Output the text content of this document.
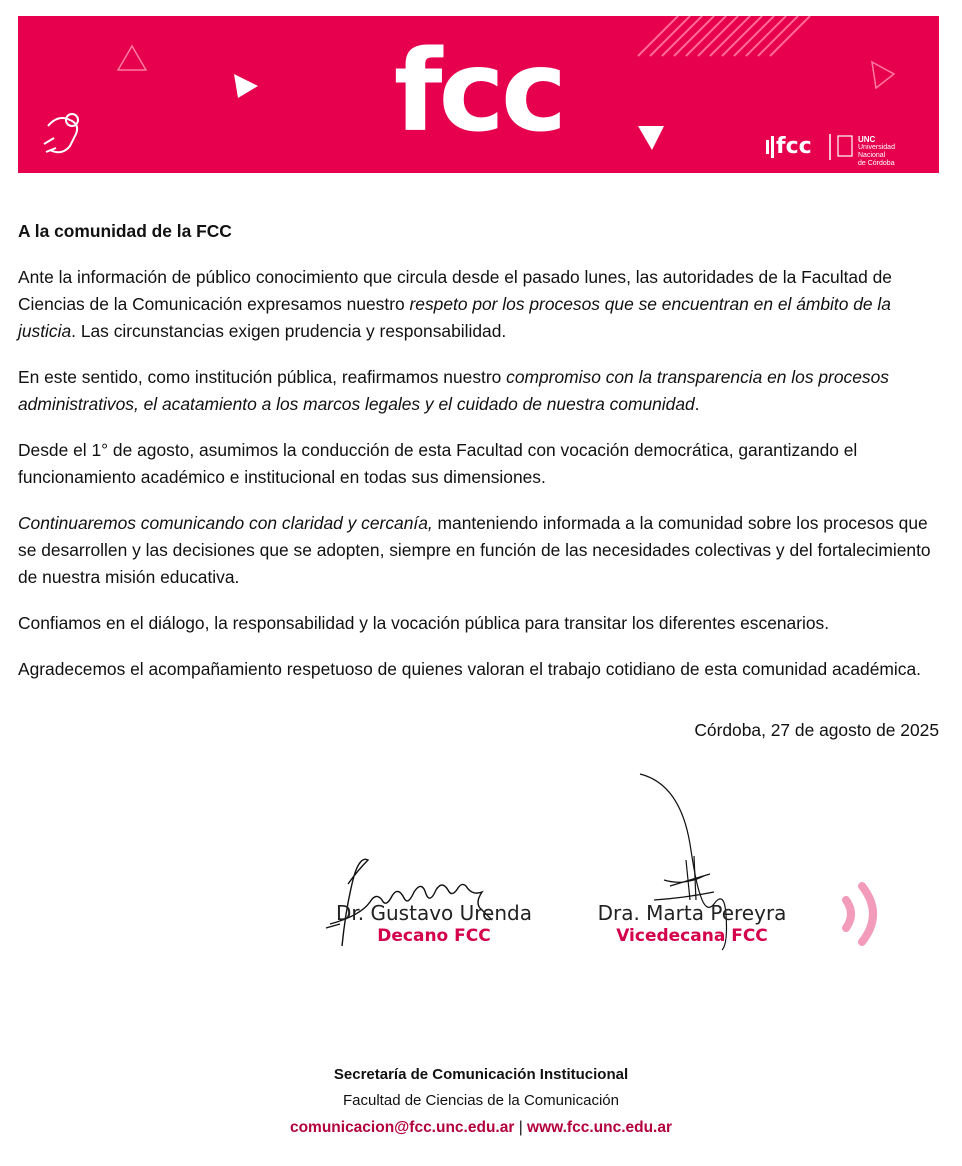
fcc	fcc	UNC
Universidad
Nacional
de Córdoba

A la comunidad de la FCC

Ante la información de público conocimiento que circula desde el pasado lunes, las autoridades de la Facultad de Ciencias de la Comunicación expresamos nuestro respeto por los procesos que se encuentran en el ámbito de la justicia. Las circunstancias exigen prudencia y responsabilidad.

En este sentido, como institución pública, reafirmamos nuestro compromiso con la transparencia en los procesos administrativos, el acatamiento a los marcos legales y el cuidado de nuestra comunidad.

Desde el 1° de agosto, asumimos la conducción de esta Facultad con vocación democrática, garantizando el funcionamiento académico e institucional en todas sus dimensiones.

Continuaremos comunicando con claridad y cercanía, manteniendo informada a la comunidad sobre los procesos que se desarrollen y las decisiones que se adopten, siempre en función de las necesidades colectivas y del fortalecimiento de nuestra misión educativa.

Confiamos en el diálogo, la responsabilidad y la vocación pública para transitar los diferentes escenarios.

Agradecemos el acompañamiento respetuoso de quienes valoran el trabajo cotidiano de esta comunidad académica.

Córdoba, 27 de agosto de 2025
Dr. Gustavo Urenda
Decano FCC
Dra. Marta Pereyra
Vicedecana FCC
Secretaría de Comunicación Institucional
Facultad de Ciencias de la Comunicación
comunicacion@fcc.unc.edu.ar | www.fcc.unc.edu.ar
